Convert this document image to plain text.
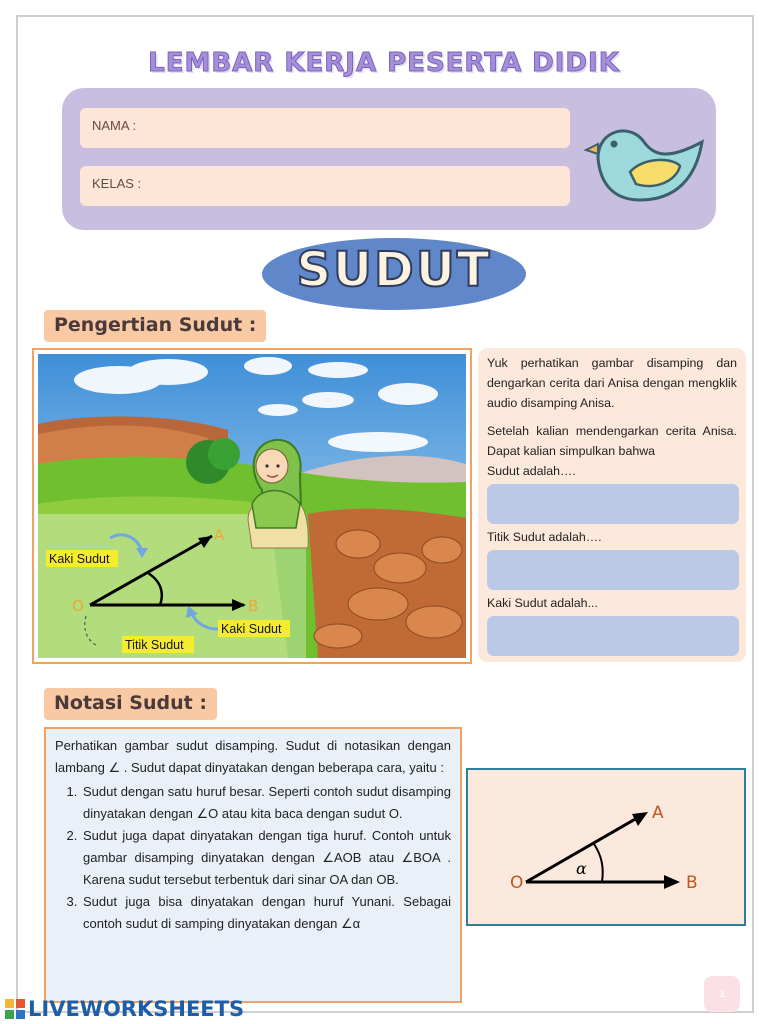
LEMBAR KERJA PESERTA DIDIK
NAMA :
KELAS :
SUDUT
Pengertian Sudut :
A
B
O
Kaki Sudut
Kaki Sudut
Titik Sudut

Yuk perhatikan gambar disamping dan dengarkan cerita dari Anisa dengan mengklik audio disamping Anisa.

Setelah kalian mendengarkan cerita Anisa. Dapat kalian simpulkan bahwa

Sudut adalah….
Titik Sudut adalah….
Kaki Sudut adalah...
Notasi Sudut :

Perhatikan gambar sudut disamping. Sudut di notasikan dengan lambang ∠ . Sudut dapat dinyatakan dengan beberapa cara, yaitu :

1. Sudut dengan satu huruf besar. Seperti contoh sudut disamping dinyatakan dengan ∠O atau kita baca dengan sudut O.
2. Sudut juga dapat dinyatakan dengan tiga huruf. Contoh untuk gambar disamping dinyatakan dengan ∠AOB atau ∠BOA . Karena sudut tersebut terbentuk dari sinar OA dan OB.
3. Sudut juga bisa dinyatakan dengan huruf Yunani. Sebagai contoh sudut di samping dinyatakan dengan ∠α
α
A
B
O
1
LIVEWORKSHEETS
